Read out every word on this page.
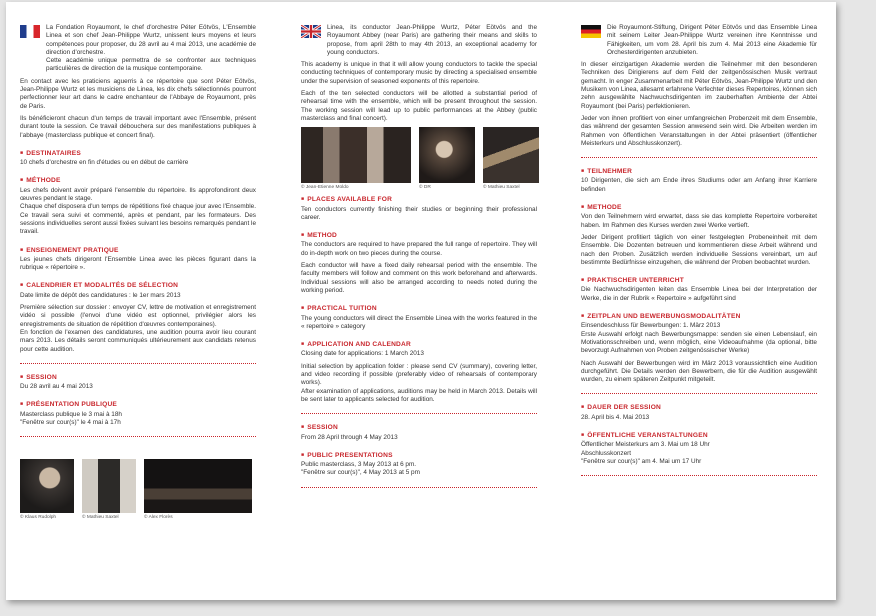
La Fondation Royaumont, le chef d'orchestre Péter Eötvös, L'Ensemble Linea et son chef Jean-Philippe Wurtz, unissent leurs moyens et leurs compétences pour proposer, du 28 avril au 4 mai 2013, une académie de direction d'orchestre.

Cette académie unique permettra de se confronter aux techniques particulières de direction de la musique contemporaine.

En contact avec les praticiens aguerris à ce répertoire que sont Péter Eötvös, Jean-Philippe Wurtz et les musiciens de Linea, les dix chefs sélectionnés pourront perfectionner leur art dans le cadre enchanteur de l'Abbaye de Royaumont, près de Paris.

Ils bénéficieront chacun d'un temps de travail important avec l'Ensemble, présent durant toute la session. Ce travail débouchera sur des manifestations publiques à l'abbaye (masterclass publique et concert final).

■ DESTINATAIRES
10 chefs d'orchestre en fin d'études ou en début de carrière
■ MÉTHODE
Les chefs doivent avoir préparé l'ensemble du répertoire. Ils approfondiront deux œuvres pendant le stage.
Chaque chef disposera d'un temps de répétitions fixé chaque jour avec l'Ensemble. Ce travail sera suivi et commenté, après et pendant, par les formateurs. Des sessions individuelles seront aussi fixées suivant les besoins remarqués pendant le travail.
■ ENSEIGNEMENT PRATIQUE
Les jeunes chefs dirigeront l'Ensemble Linea avec les pièces figurant dans la rubrique « répertoire ».
■ CALENDRIER ET MODALITÉS DE SÉLECTION

Date limite de dépôt des candidatures : le 1er mars 2013

Première sélection sur dossier : envoyer CV, lettre de motivation et enregistrement vidéo si possible (l'envoi d'une vidéo est optionnel, privilégier alors les enregistrements de situation de répétition d'œuvres contemporaines).
En fonction de l'examen des candidatures, une audition pourra avoir lieu courant mars 2013. Les détails seront communiqués ultérieurement aux candidats retenus pour cette audition.
■ SESSION
Du 28 avril au 4 mai 2013
■ PRÉSENTATION PUBLIQUE
Masterclass publique le 3 mai à 18h
"Fenêtre sur cour(s)" le 4 mai à 17h
© Klaus Rudolph	© Mathieu Saxtel	© Alex Florès

Linea, its conductor Jean-Philippe Wurtz, Péter Eötvös and the Royaumont Abbey (near Paris) are gathering their means and skills to propose, from april 28th to may 4th 2013, an exceptional academy for young conductors.

This academy is unique in that it will allow young conductors to tackle the special conducting techniques of contemporary music by directing a specialised ensemble under the supervision of seasoned exponents of this repertoire.

Each of the ten selected conductors will be allotted a substantial period of rehearsal time with the ensemble, which will be present throughout the session. The working session will lead up to public performances at the Abbey (public masterclass and final concert).

© Jean-Etienne Moldo	© DR	© Mathieu Saxtel
■ PLACES AVAILABLE FOR
Ten conductors currently finishing their studies or beginning their professional career.
■ METHOD

The conductors are required to have prepared the full range of repertoire. They will do in-depth work on two pieces during the course.

Each conductor will have a fixed daily rehearsal period with the ensemble. The faculty members will follow and comment on this work beforehand and afterwards. Individual sessions will also be arranged according to needs noted during the working period.
■ PRACTICAL TUITION
The young conductors will direct the Ensemble Linea with the works featured in the « repertoire » category
■ APPLICATION AND CALENDAR

Closing date for applications: 1 March 2013

Initial selection by application folder : please send CV (summary), covering letter, and video recording if possible (preferably video of rehearsals of contemporary works).
After examination of applications, auditions may be held in March 2013. Details will be sent later to applicants selected for audition.
■ SESSION
From 28 April through 4 May 2013
■ PUBLIC PRESENTATIONS
Public masterclass, 3 May 2013 at 6 pm.
"Fenêtre sur cour(s)", 4 May 2013 at 5 pm

Die Royaumont-Stiftung, Dirigent Péter Eötvös und das Ensemble Linea mit seinem Leiter Jean-Philippe Wurtz vereinen ihre Kenntnisse und Fähigkeiten, um vom 28. April bis zum 4. Mai 2013 eine Akademie für Orchesterdirigenten anzubieten.

In dieser einzigartigen Akademie werden die Teilnehmer mit den besonderen Techniken des Dirigierens auf dem Feld der zeitgenössischen Musik vertraut gemacht. In enger Zusammenarbeit mit Péter Eötvös, Jean-Philippe Wurtz und den Musikern von Linea, allesamt erfahrene Verfechter dieses Repertoires, können sich zehn ausgewählte Nachwuchsdirigenten im zauberhaften Ambiente der Abtei Royaumont (bei Paris) perfektionieren.

Jeder von ihnen profitiert von einer umfangreichen Probenzeit mit dem Ensemble, das während der gesamten Session anwesend sein wird. Die Arbeiten werden im Rahmen von öffentlichen Veranstaltungen in der Abtei präsentiert (öffentlicher Meisterkurs und Abschlusskonzert).

■ TEILNEHMER
10 Dirigenten, die sich am Ende ihres Studiums oder am Anfang ihrer Karriere befinden
■ METHODE

Von den Teilnehmern wird erwartet, dass sie das komplette Repertoire vorbereitet haben. Im Rahmen des Kurses werden zwei Werke vertieft.

Jeder Dirigent profitiert täglich von einer festgelegten Probeneinheit mit dem Ensemble. Die Dozenten betreuen und kommentieren diese Arbeit während und nach den Proben. Zusätzlich werden individuelle Sessions vereinbart, um auf bestimmte Bedürfnisse einzugehen, die während der Proben beobachtet wurden.
■ PRAKTISCHER UNTERRICHT
Die Nachwuchsdirigenten leiten das Ensemble Linea bei der Interpretation der Werke, die in der Rubrik « Repertoire » aufgeführt sind
■ ZEITPLAN UND BEWERBUNGSMODALITÄTEN
Einsendeschluss für Bewerbungen: 1. März 2013

Erste Auswahl erfolgt nach Bewerbungsmappe: senden sie einen Lebenslauf, ein Motivationsschreiben und, wenn möglich, eine Videoaufnahme (da optional, bitte bevorzugt Aufnahmen von Proben zeitgenössischer Werke)

Nach Auswahl der Bewerbungen wird im März 2013 voraussichtlich eine Audition durchgeführt. Die Details werden den Bewerbern, die für die Audition ausgewählt wurden, zu einem späteren Zeitpunkt mitgeteilt.
■ DAUER DER SESSION
28. April bis 4. Mai 2013
■ ÖFFENTLICHE VERANSTALTUNGEN
Öffentlicher Meisterkurs am 3. Mai um 18 Uhr
Abschlusskonzert
"Fenêtre sur cour(s)" am 4. Mai um 17 Uhr
